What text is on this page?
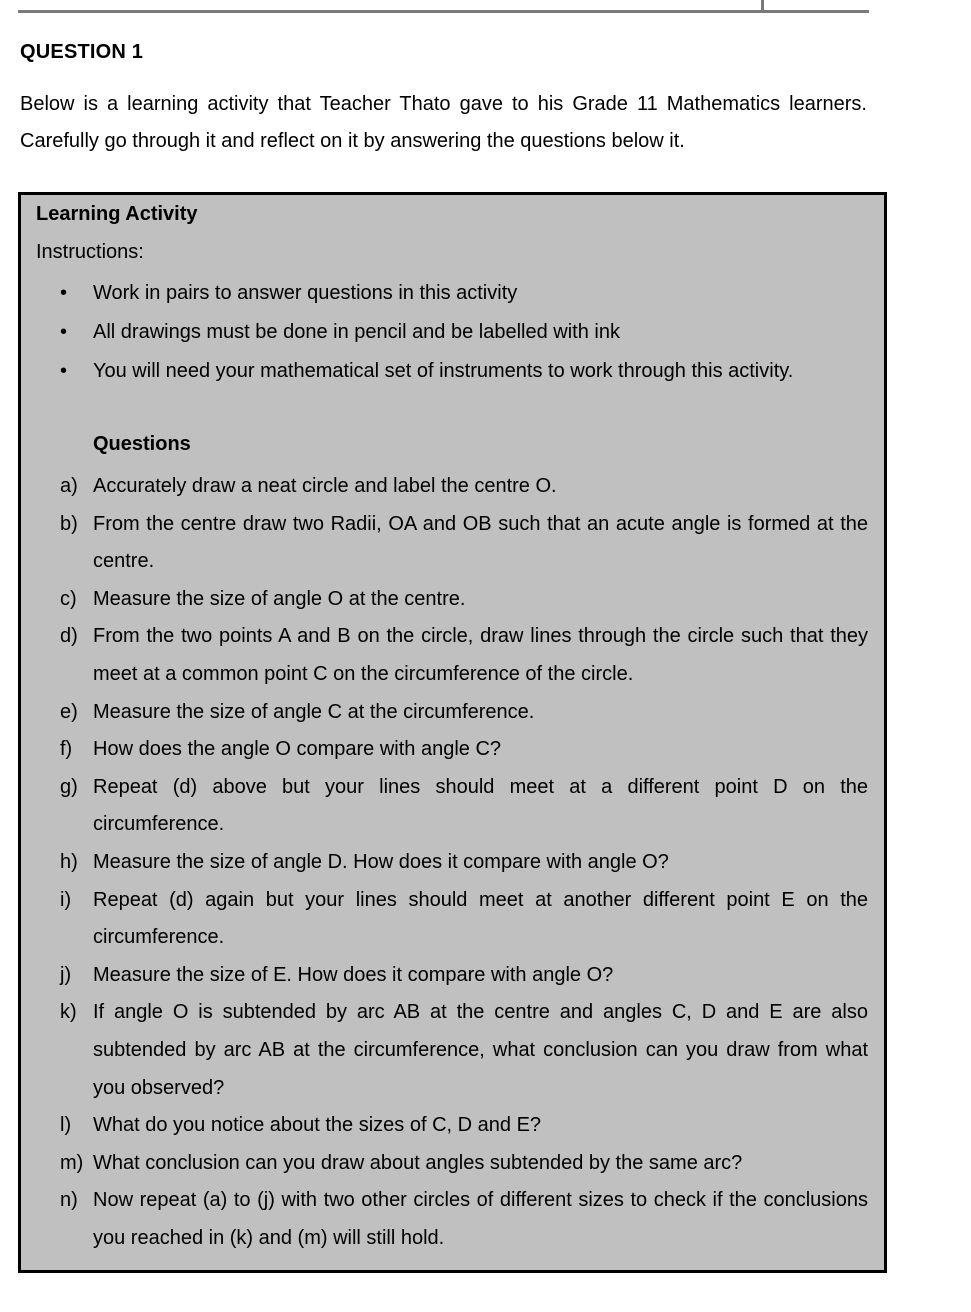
QUESTION 1

Below is a learning activity that Teacher Thato gave to his Grade 11 Mathematics learners. Carefully go through it and reflect on it by answering the questions below it.

Learning Activity
Instructions:
• Work in pairs to answer questions in this activity
• All drawings must be done in pencil and be labelled with ink
• You will need your mathematical set of instruments to work through this activity.
Questions
a) Accurately draw a neat circle and label the centre O.
b) From the centre draw two Radii, OA and OB such that an acute angle is formed at the centre.
c) Measure the size of angle O at the centre.
d) From the two points A and B on the circle, draw lines through the circle such that they meet at a common point C on the circumference of the circle.
e) Measure the size of angle C at the circumference.
f) How does the angle O compare with angle C?
g) Repeat (d) above but your lines should meet at a different point D on the circumference.
h) Measure the size of angle D. How does it compare with angle O?
i) Repeat (d) again but your lines should meet at another different point E on the circumference.
j) Measure the size of E. How does it compare with angle O?
k) If angle O is subtended by arc AB at the centre and angles C, D and E are also subtended by arc AB at the circumference, what conclusion can you draw from what you observed?
l) What do you notice about the sizes of C, D and E?
m) What conclusion can you draw about angles subtended by the same arc?
n) Now repeat (a) to (j) with two other circles of different sizes to check if the conclusions you reached in (k) and (m) will still hold.
